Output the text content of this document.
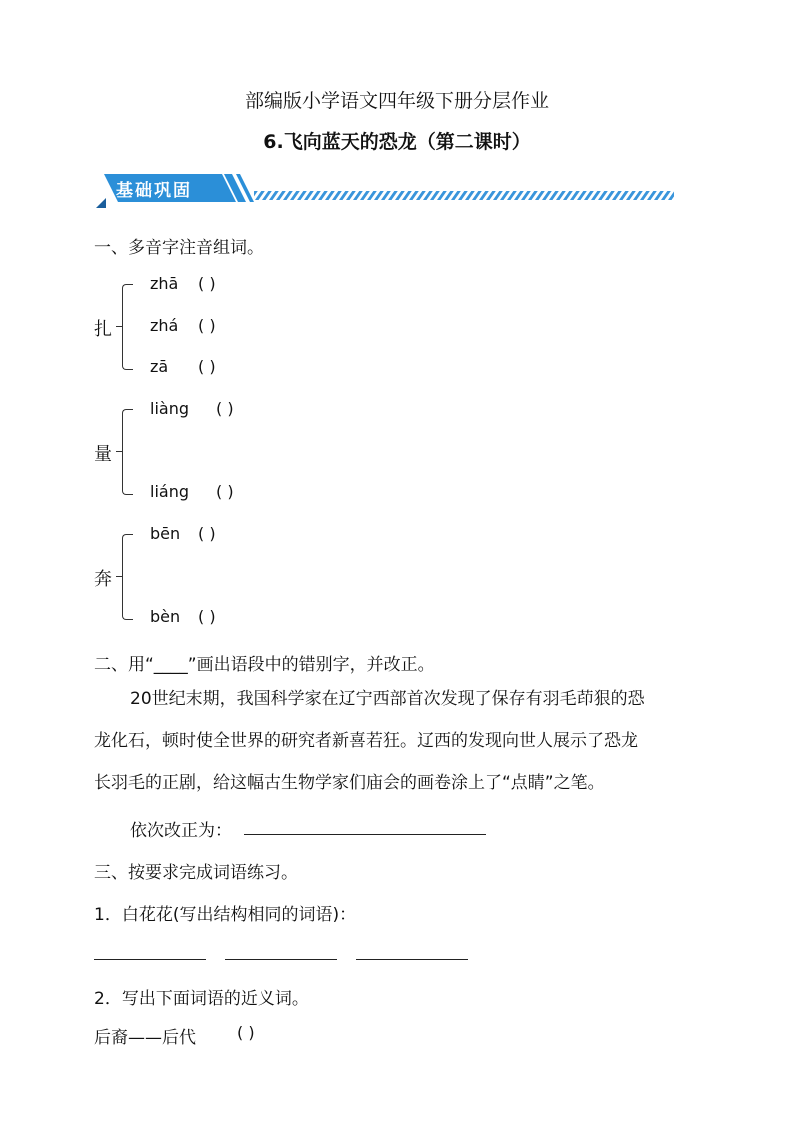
部编版小学语文四年级下册分层作业
6.飞向蓝天的恐龙（第二课时）
基础巩固
一、多音字注音组词。
扎
zhā ( )
zhá ( )
zā ( )
量
liàng ( )
liáng ( )
奔
bēn ( )
bèn ( )
二、用“____”画出语段中的错别字，并改正。
20世纪末期，我国科学家在辽宁西部首次发现了保存有羽毛茚狠的恐
龙化石，顿时使全世界的研究者新喜若狂。辽西的发现向世人展示了恐龙
长羽毛的正剧，给这幅古生物学家们庙会的画卷涂上了“点睛”之笔。
依次改正为：
三、按要求完成词语练习。
1．白花花(写出结构相同的词语)：
2．写出下面词语的近义词。
后裔——后代	( )
